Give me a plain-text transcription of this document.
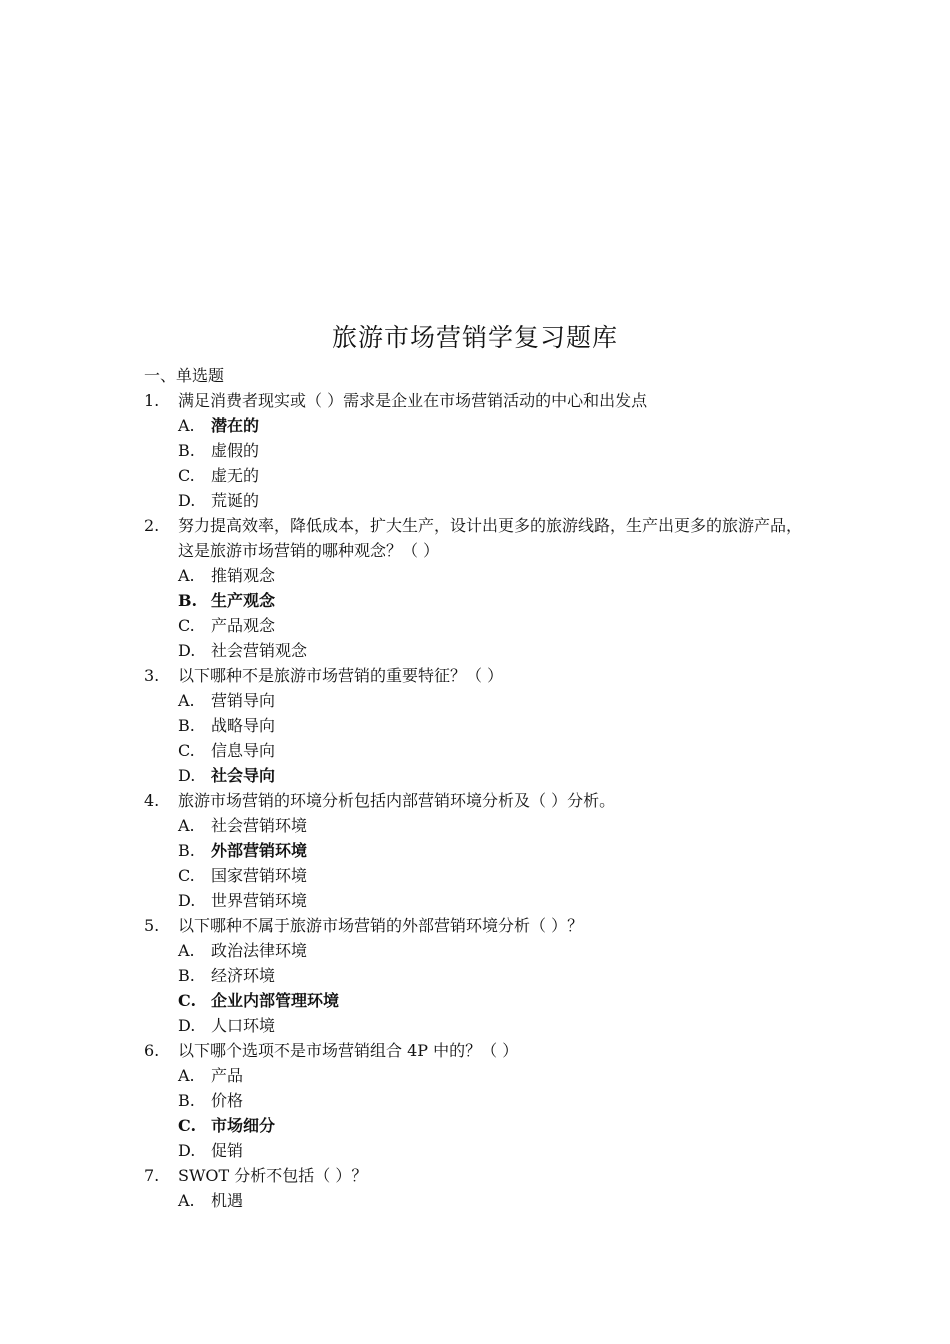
旅游市场营销学复习题库
一、单选题
1.	满足消费者现实或（ ）需求是企业在市场营销活动的中心和出发点
A.	潜在的
B.	虚假的
C.	虚无的
D. 荒诞的
2.	努力提高效率，降低成本，扩大生产，设计出更多的旅游线路，生产出更多的旅游产品，这是旅游市场营销的哪种观念？（ ）
A.	推销观念
B. 生产观念
C.	产品观念
D. 社会营销观念
3.	以下哪种不是旅游市场营销的重要特征？（ ）
A.	营销导向
B.	战略导向
C.	信息导向
D. 社会导向
4.	旅游市场营销的环境分析包括内部营销环境分析及（ ）分析。
A.	社会营销环境
B.	外部营销环境
C.	国家营销环境
D. 世界营销环境
5.	以下哪种不属于旅游市场营销的外部营销环境分析（ ）？
A.	政治法律环境
B.	经济环境
C. 企业内部管理环境
D. 人口环境
6.	以下哪个选项不是市场营销组合 4P 中的？（ ）
A.	产品
B.	价格
C. 市场细分
D. 促销
7.	SWOT 分析不包括（ ）？
A.	机遇
